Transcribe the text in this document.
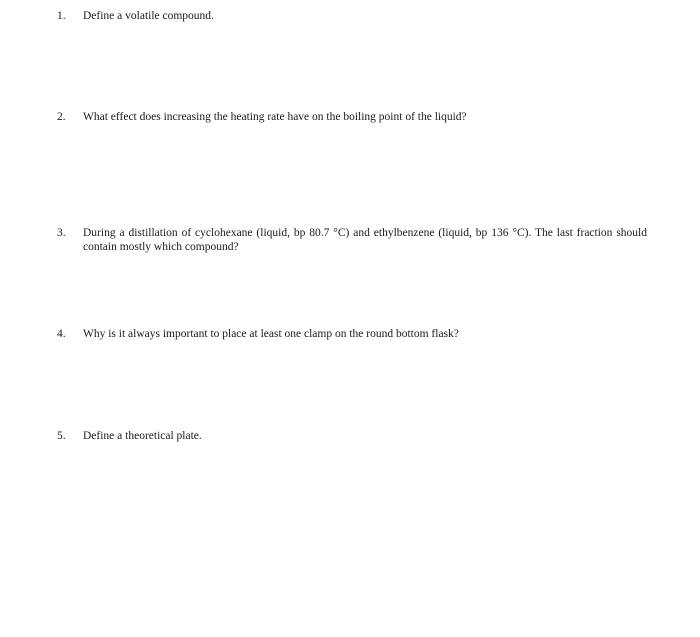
1.	Define a volatile compound.
2.	What effect does increasing the heating rate have on the boiling point of the liquid?
3.	During a distillation of cyclohexane (liquid, bp 80.7 °C) and ethylbenzene (liquid, bp 136 °C). The last fraction should contain mostly which compound?
4.	Why is it always important to place at least one clamp on the round bottom flask?
5.	Define a theoretical plate.
